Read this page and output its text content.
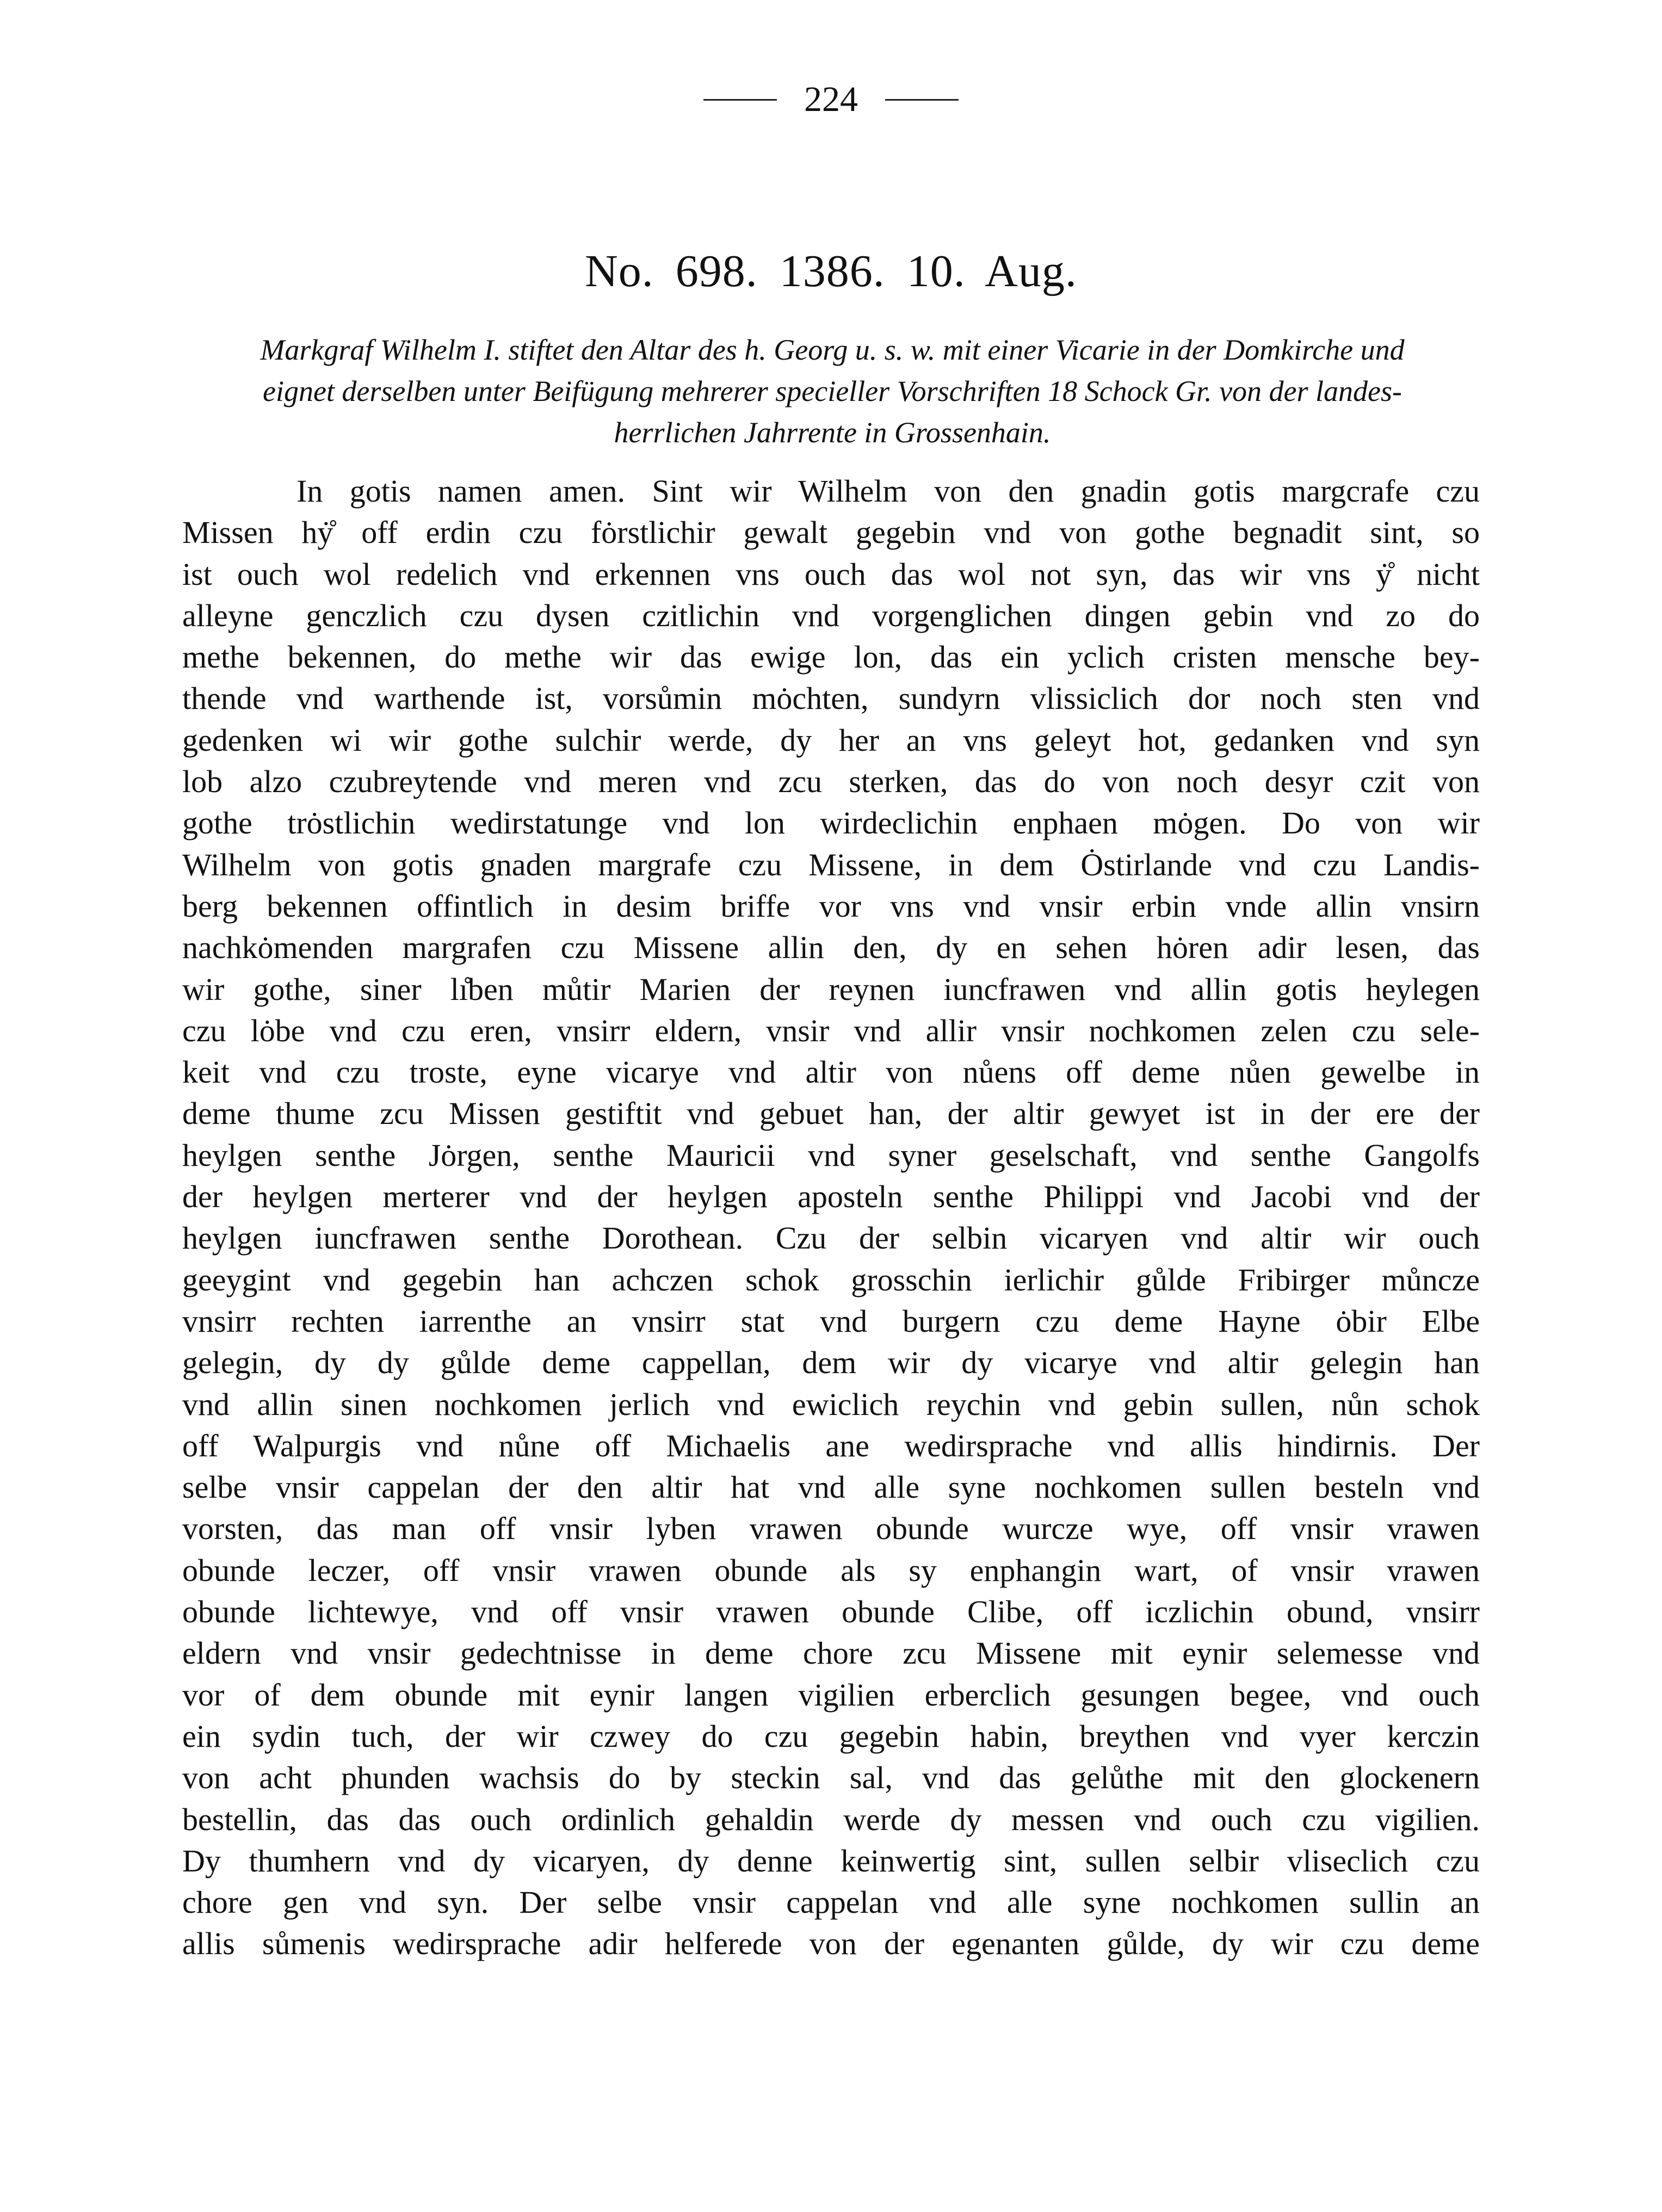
224
No. 698. 1386. 10. Aug.
Markgraf Wilhelm I. stiftet den Altar des h. Georg u. s. w. mit einer Vicarie in der Domkirche und
eignet derselben unter Beifügung mehrerer specieller Vorschriften 18 Schock Gr. von der landes-
herrlichen Jahrrente in Grossenhain.
In gotis namen amen. Sint wir Wilhelm von den gnadin gotis margcrafe czu
Missen hẏ̊ off erdin czu fȯrstlichir gewalt gegebin vnd von gothe begnadit sint, so
ist ouch wol redelich vnd erkennen vns ouch das wol not syn, das wir vns ẏ̊ nicht
alleyne genczlich czu dysen czitlichin vnd vorgenglichen dingen gebin vnd zo do
methe bekennen, do methe wir das ewige lon, das ein yclich cristen mensche bey-
thende vnd warthende ist, vorsůmin mȯchten, sundyrn vlissiclich dor noch sten vnd
gedenken wi wir gothe sulchir werde, dy her an vns geleyt hot, gedanken vnd syn
lob alzo czubreytende vnd meren vnd zcu sterken, das do von noch desyr czit von
gothe trȯstlichin wedirstatunge vnd lon wirdeclichin enphaen mȯgen. Do von wir
Wilhelm von gotis gnaden margrafe czu Missene, in dem Ȯstirlande vnd czu Landis-
berg bekennen offintlich in desim briffe vor vns vnd vnsir erbin vnde allin vnsirn
nachkȯmenden margrafen czu Missene allin den, dy en sehen hȯren adir lesen, das
wir gothe, siner lı̊ben můtir Marien der reynen iuncfrawen vnd allin gotis heylegen
czu lȯbe vnd czu eren, vnsirr eldern, vnsir vnd allir vnsir nochkomen zelen czu sele-
keit vnd czu troste, eyne vicarye vnd altir von nůens off deme nůen gewelbe in
deme thume zcu Missen gestiftit vnd gebuet han, der altir gewyet ist in der ere der
heylgen senthe Jȯrgen, senthe Mauricii vnd syner geselschaft, vnd senthe Gangolfs
der heylgen merterer vnd der heylgen aposteln senthe Philippi vnd Jacobi vnd der
heylgen iuncfrawen senthe Dorothean. Czu der selbin vicaryen vnd altir wir ouch
geeygint vnd gegebin han achczen schok grosschin ierlichir gůlde Fribirger můncze
vnsirr rechten iarrenthe an vnsirr stat vnd burgern czu deme Hayne ȯbir Elbe
gelegin, dy dy gůlde deme cappellan, dem wir dy vicarye vnd altir gelegin han
vnd allin sinen nochkomen jerlich vnd ewiclich reychin vnd gebin sullen, nůn schok
off Walpurgis vnd nůne off Michaelis ane wedirsprache vnd allis hindirnis. Der
selbe vnsir cappelan der den altir hat vnd alle syne nochkomen sullen besteln vnd
vorsten, das man off vnsir lyben vrawen obunde wurcze wye, off vnsir vrawen
obunde leczer, off vnsir vrawen obunde als sy enphangin wart, of vnsir vrawen
obunde lichtewye, vnd off vnsir vrawen obunde Clibe, off iczlichin obund, vnsirr
eldern vnd vnsir gedechtnisse in deme chore zcu Missene mit eynir selemesse vnd
vor of dem obunde mit eynir langen vigilien erberclich gesungen begee, vnd ouch
ein sydin tuch, der wir czwey do czu gegebin habin, breythen vnd vyer kerczin
von acht phunden wachsis do by steckin sal, vnd das gelůthe mit den glockenern
bestellin, das das ouch ordinlich gehaldin werde dy messen vnd ouch czu vigilien.
Dy thumhern vnd dy vicaryen, dy denne keinwertig sint, sullen selbir vliseclich czu
chore gen vnd syn. Der selbe vnsir cappelan vnd alle syne nochkomen sullin an
allis sůmenis wedirsprache adir helferede von der egenanten gůlde, dy wir czu deme
